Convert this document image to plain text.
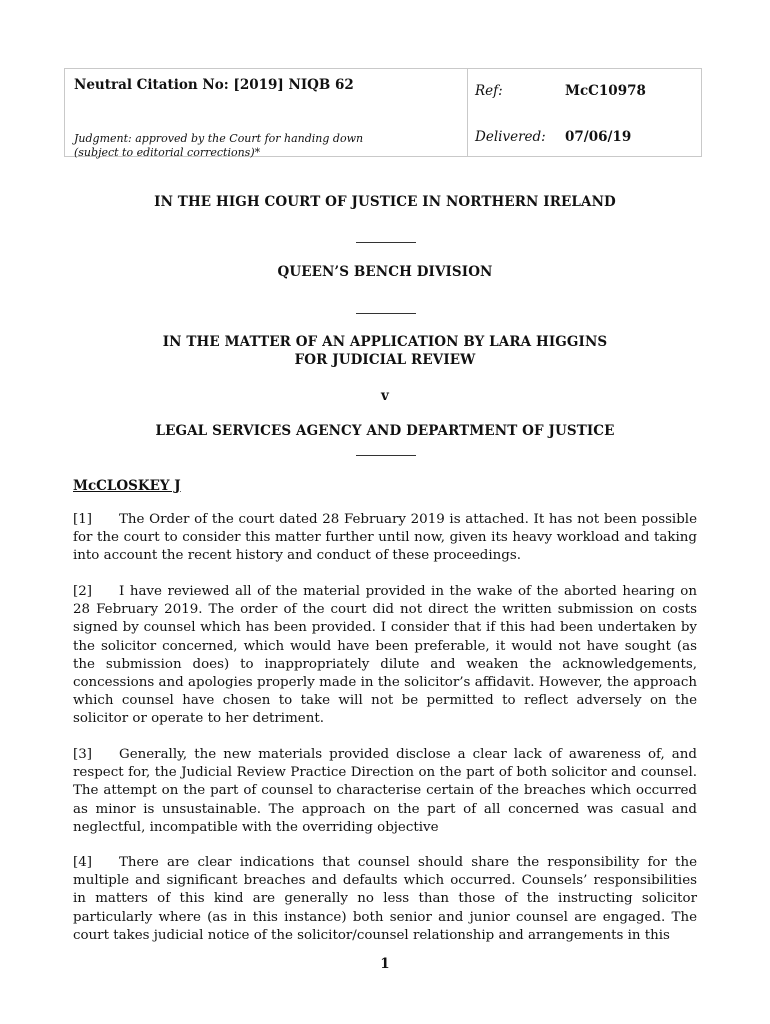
Neutral Citation No: [2019] NIQB 62
Judgment: approved by the Court for handing down
(subject to editorial corrections)*
Ref:	McC10978
Delivered: 07/06/19
IN THE HIGH COURT OF JUSTICE IN NORTHERN IRELAND
QUEEN’S BENCH DIVISION
IN THE MATTER OF AN APPLICATION BY LARA HIGGINS
FOR JUDICIAL REVIEW
v
LEGAL SERVICES AGENCY AND DEPARTMENT OF JUSTICE
McCLOSKEY J
[1] The Order of the court dated 28 February 2019 is attached. It has not been possible for the court to consider this matter further until now, given its heavy workload and taking into account the recent history and conduct of these proceedings.
[2] I have reviewed all of the material provided in the wake of the aborted hearing on 28 February 2019. The order of the court did not direct the written submission on costs signed by counsel which has been provided. I consider that if this had been undertaken by the solicitor concerned, which would have been preferable, it would not have sought (as the submission does) to inappropriately dilute and weaken the acknowledgements, concessions and apologies properly made in the solicitor’s affidavit. However, the approach which counsel have chosen to take will not be permitted to reflect adversely on the solicitor or operate to her detriment.
[3] Generally, the new materials provided disclose a clear lack of awareness of, and respect for, the Judicial Review Practice Direction on the part of both solicitor and counsel. The attempt on the part of counsel to characterise certain of the breaches which occurred as minor is unsustainable. The approach on the part of all concerned was casual and neglectful, incompatible with the overriding objective
[4] There are clear indications that counsel should share the responsibility for the multiple and significant breaches and defaults which occurred. Counsels’ responsibilities in matters of this kind are generally no less than those of the instructing solicitor particularly where (as in this instance) both senior and junior counsel are engaged. The court takes judicial notice of the solicitor/counsel relationship and arrangements in this
1
